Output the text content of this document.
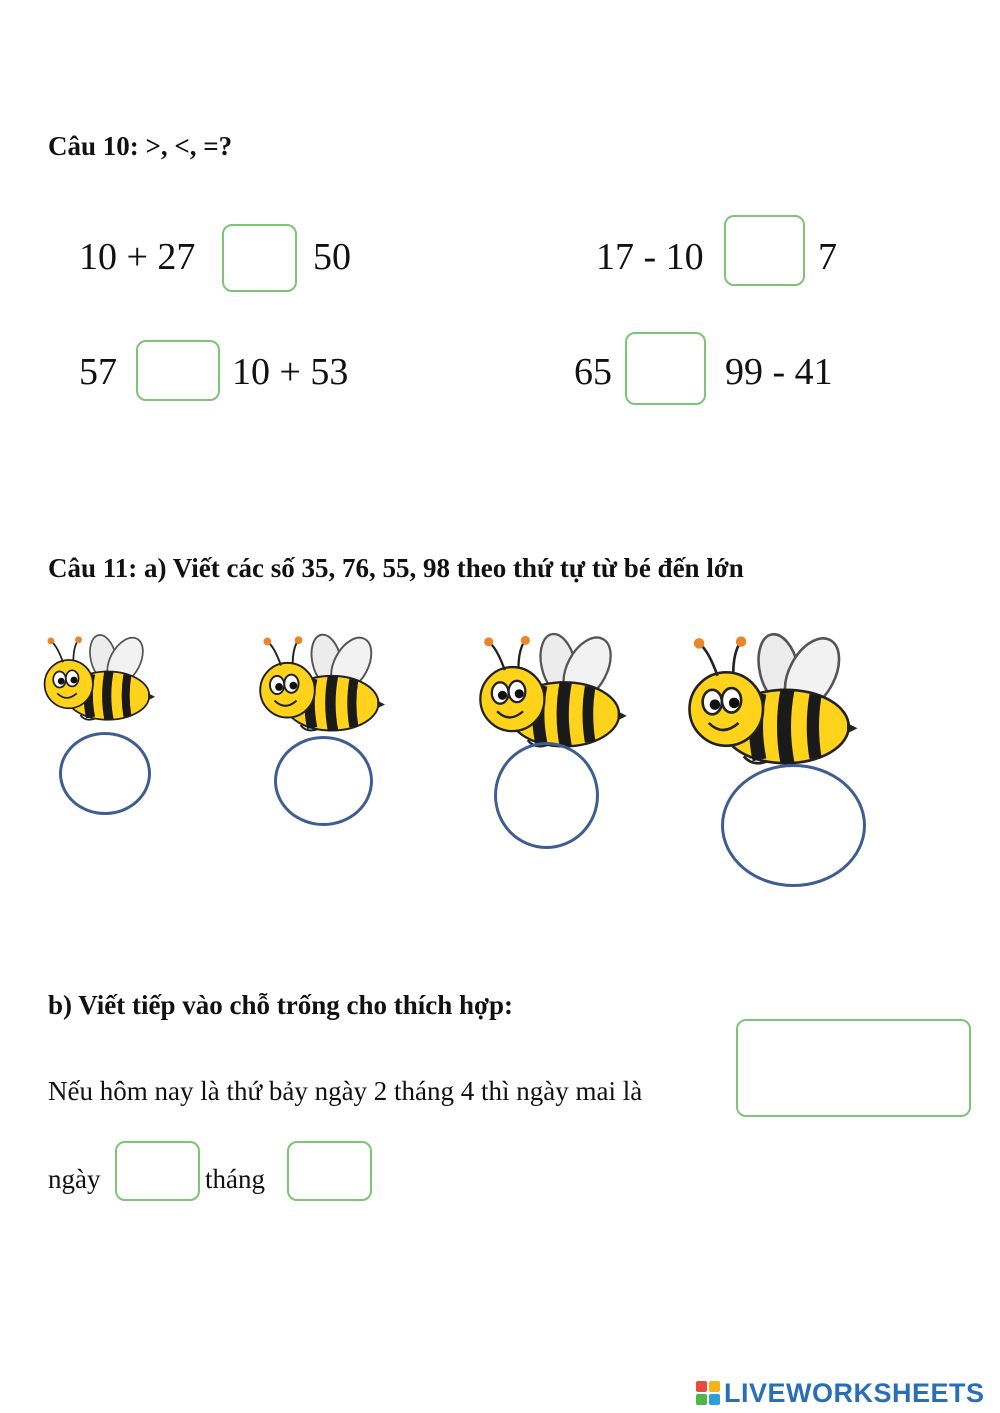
Câu 10: >, <, =?
10 + 27	50	17 - 10	7
57	10 + 53	65	99 - 41
Câu 11: a) Viết các số 35, 76, 55, 98 theo thứ tự từ bé đến lớn
b) Viết tiếp vào chỗ trống cho thích hợp:
Nếu hôm nay là thứ bảy ngày 2 tháng 4 thì ngày mai là
ngày	tháng
LIVEWORKSHEETS
